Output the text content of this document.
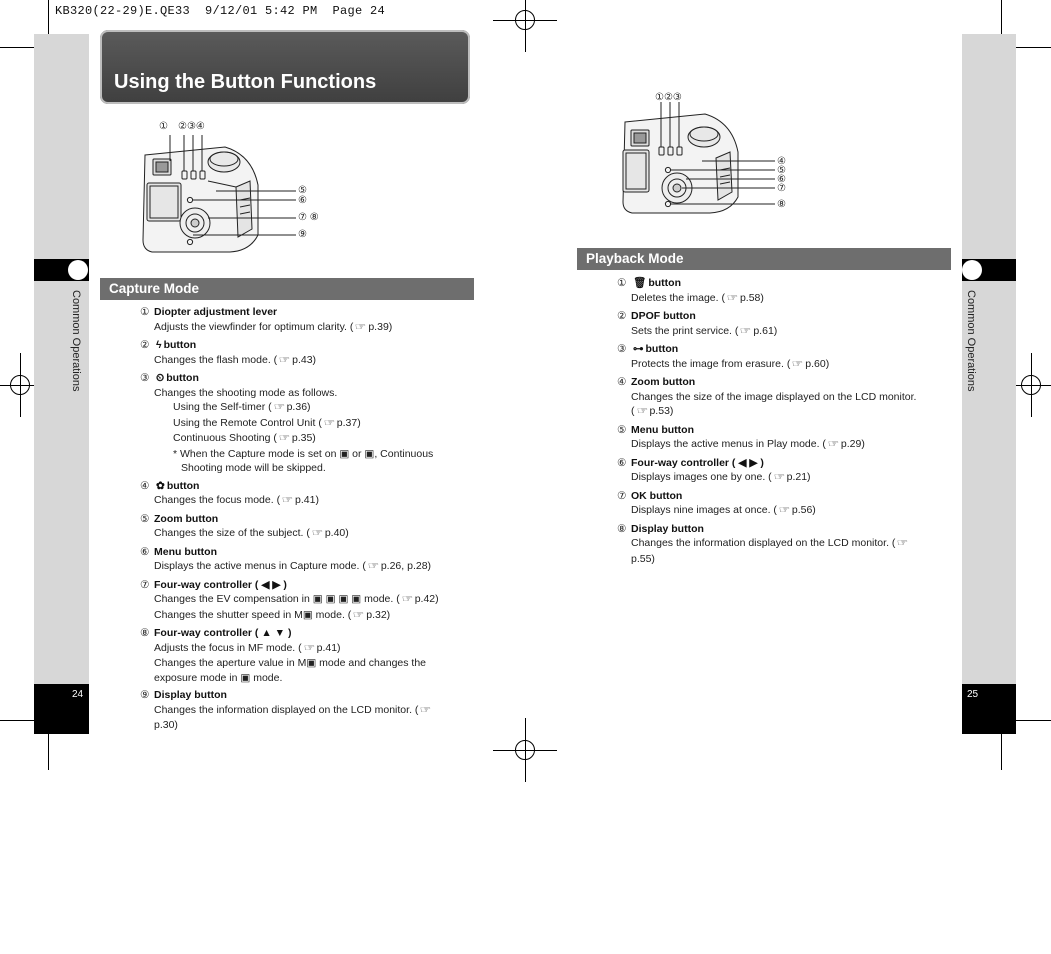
KB320(22-29)E.QE33  9/12/01 5:42 PM  Page 24
Common Operations
24
Common Operations
25
Using the Button Functions
① ②③④
⑤
⑥
⑦ ⑧
⑨
①②③
④
⑤
⑥
⑦
⑧
Capture Mode
Playback Mode
① Diopter adjustment lever
Adjusts the viewfinder for optimum clarity. ( ☞ p.39)
② ϟ button
Changes the flash mode. ( ☞ p.43)
③ ⏲ button
Changes the shooting mode as follows.
Using the Self-timer ( ☞ p.36)
Using the Remote Control Unit ( ☞ p.37)
Continuous Shooting ( ☞ p.35)
* When the Capture mode is set on ▣ or ▣, Continuous
Shooting mode will be skipped.
④ ✿ button
Changes the focus mode. ( ☞ p.41)
⑤ Zoom button
Changes the size of the subject. ( ☞ p.40)
⑥ Menu button
Displays the active menus in Capture mode. ( ☞ p.26, p.28)
⑦ Four-way controller ( ◀ ▶ )
Changes the EV compensation in ▣ ▣ ▣ ▣ mode. ( ☞ p.42)
Changes the shutter speed in M▣ mode. ( ☞ p.32)
⑧ Four-way controller ( ▲ ▼ )
Adjusts the focus in MF mode. ( ☞ p.41)
Changes the aperture value in M▣ mode and changes the
exposure mode in ▣ mode.
⑨ Display button
Changes the information displayed on the LCD monitor. ( ☞
p.30)
① 🗑 button
Deletes the image. ( ☞ p.58)
② DPOF button
Sets the print service. ( ☞ p.61)
③ ⊶ button
Protects the image from erasure. ( ☞ p.60)
④ Zoom button
Changes the size of the image displayed on the LCD monitor.
( ☞ p.53)
⑤ Menu button
Displays the active menus in Play mode. ( ☞ p.29)
⑥ Four-way controller ( ◀ ▶ )
Displays images one by one. ( ☞ p.21)
⑦ OK button
Displays nine images at once. ( ☞ p.56)
⑧ Display button
Changes the information displayed on the LCD monitor. ( ☞
p.55)
